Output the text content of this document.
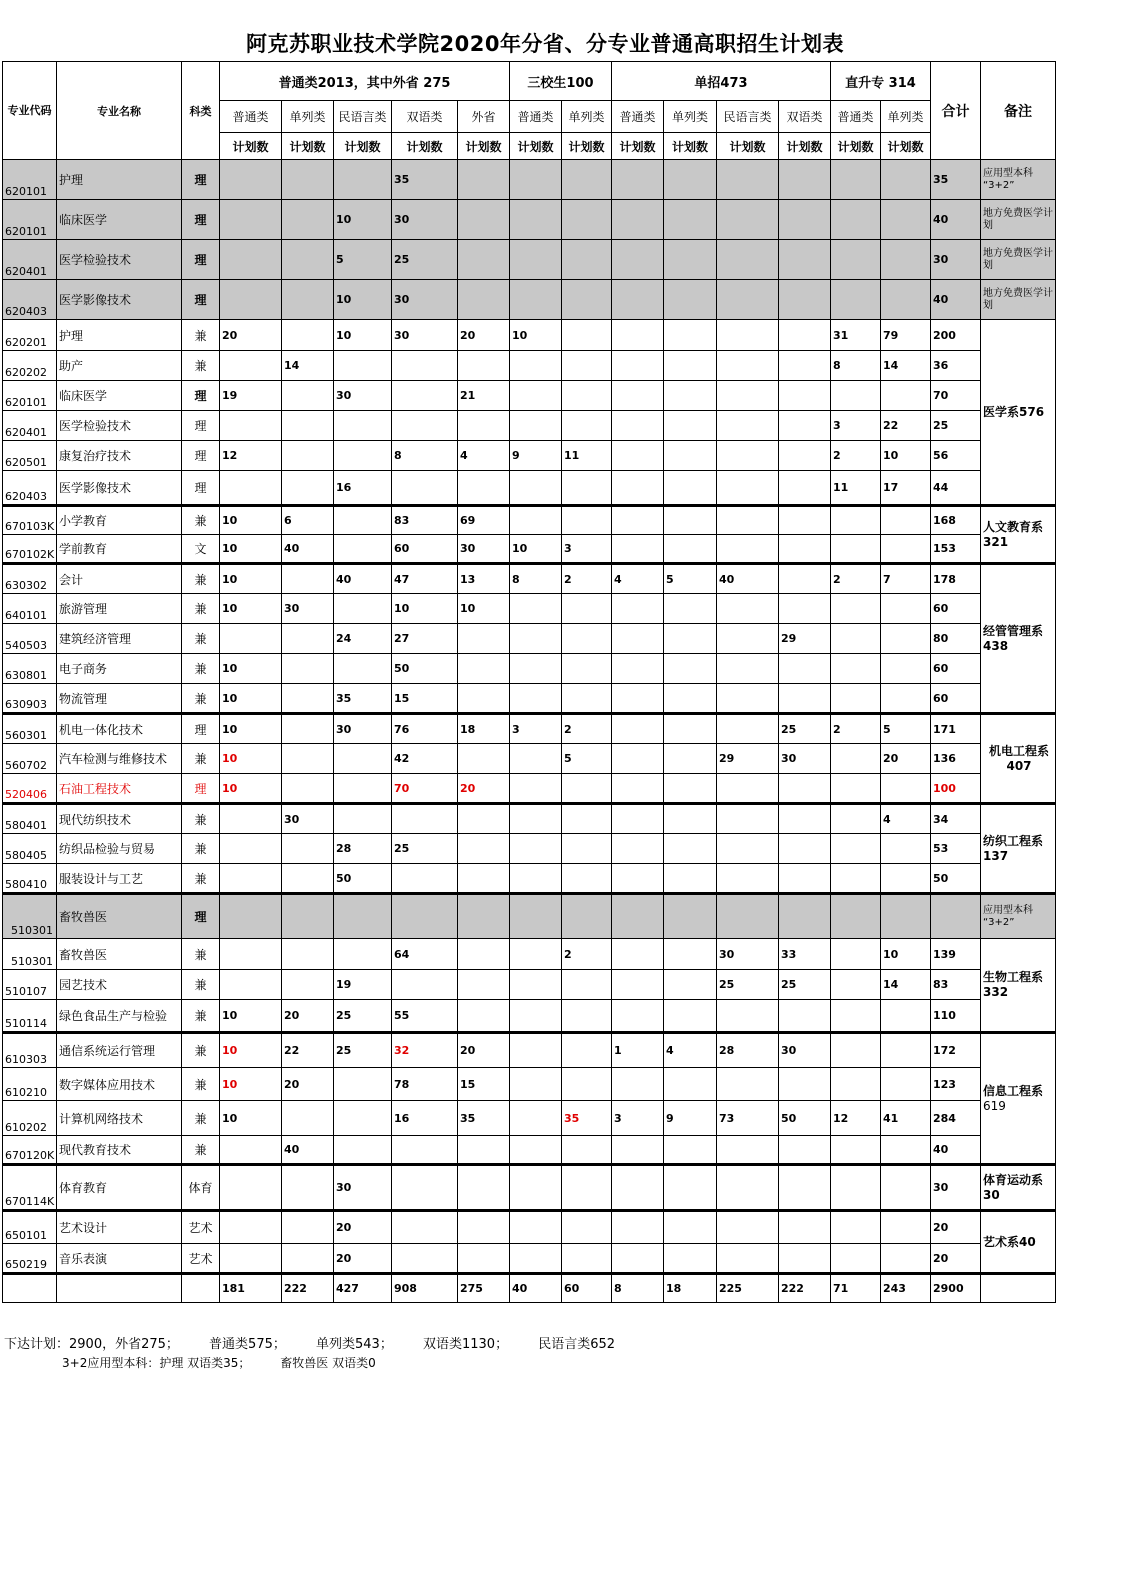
阿克苏职业技术学院2020年分省、分专业普通高职招生计划表
专业代码	专业名称	科类	普通类2013，其中外省 275					三校生100		单招473				直升专 314		合计	备注
			普通类	单列类	民语言类	双语类	外省	普通类	单列类	普通类	单列类	民语言类	双语类	普通类	单列类		
			计划数	计划数	计划数	计划数	计划数	计划数	计划数	计划数	计划数	计划数	计划数	计划数	计划数		
620101	护理	理				35										35	应用型本科 “3+2”
620101	临床医学	理			10	30										40	地方免费医学计划
620401	医学检验技术	理			5	25										30	地方免费医学计划
620403	医学影像技术	理			10	30										40	地方免费医学计划
620201	护理	兼	20		10	30	20	10						31	79	200	医学系576
620202	助产	兼		14										8	14	36	
620101	临床医学	理	19		30		21									70	
620401	医学检验技术	理												3	22	25	
620501	康复治疗技术	理	12			8	4	9	11					2	10	56	
620403	医学影像技术	理			16									11	17	44	
670103K	小学教育	兼	10	6		83	69									168	人文教育系321
670102K	学前教育	文	10	40		60	30	10	3							153	
630302	会计	兼	10		40	47	13	8	2	4	5	40		2	7	178	经管管理系438
640101	旅游管理	兼	10	30		10	10									60	
540503	建筑经济管理	兼			24	27							29			80	
630801	电子商务	兼	10			50										60	
630903	物流管理	兼	10		35	15										60	
560301	机电一体化技术	理	10		30	76	18	3	2				25	2	5	171	机电工程系 407
560702	汽车检测与维修技术	兼	10			42			5			29	30		20	136	
520406	石油工程技术	理	10			70	20									100	
580401	现代纺织技术	兼		30											4	34	纺织工程系137
580405	纺织品检验与贸易	兼			28	25										53	
580410	服装设计与工艺	兼			50											50	
510301	畜牧兽医	理															应用型本科 “3+2”
510301	畜牧兽医	兼				64			2			30	33		10	139	生物工程系332
510107	园艺技术	兼			19							25	25		14	83	
510114	绿色食品生产与检验	兼	10	20	25	55										110	
610303	通信系统运行管理	兼	10	22	25	32	20			1	4	28	30			172	信息工程系
619

610210	数字媒体应用技术	兼	10	20		78	15									123	
610202	计算机网络技术	兼	10			16	35		35	3	9	73	50	12	41	284	
670120K	现代教育技术	兼		40												40	
670114K	体育教育	体育			30											30	体育运动系 30
650101	艺术设计	艺术			20											20	艺术系40
650219	音乐表演	艺术			20											20	
			181	222	427	908	275	40	60	8	18	225	222	71	243	2900	
下达计划：2900，外省275； 普通类575； 单列类543； 双语类1130； 民语言类652
3+2应用型本科：护理 双语类35； 畜牧兽医 双语类0
